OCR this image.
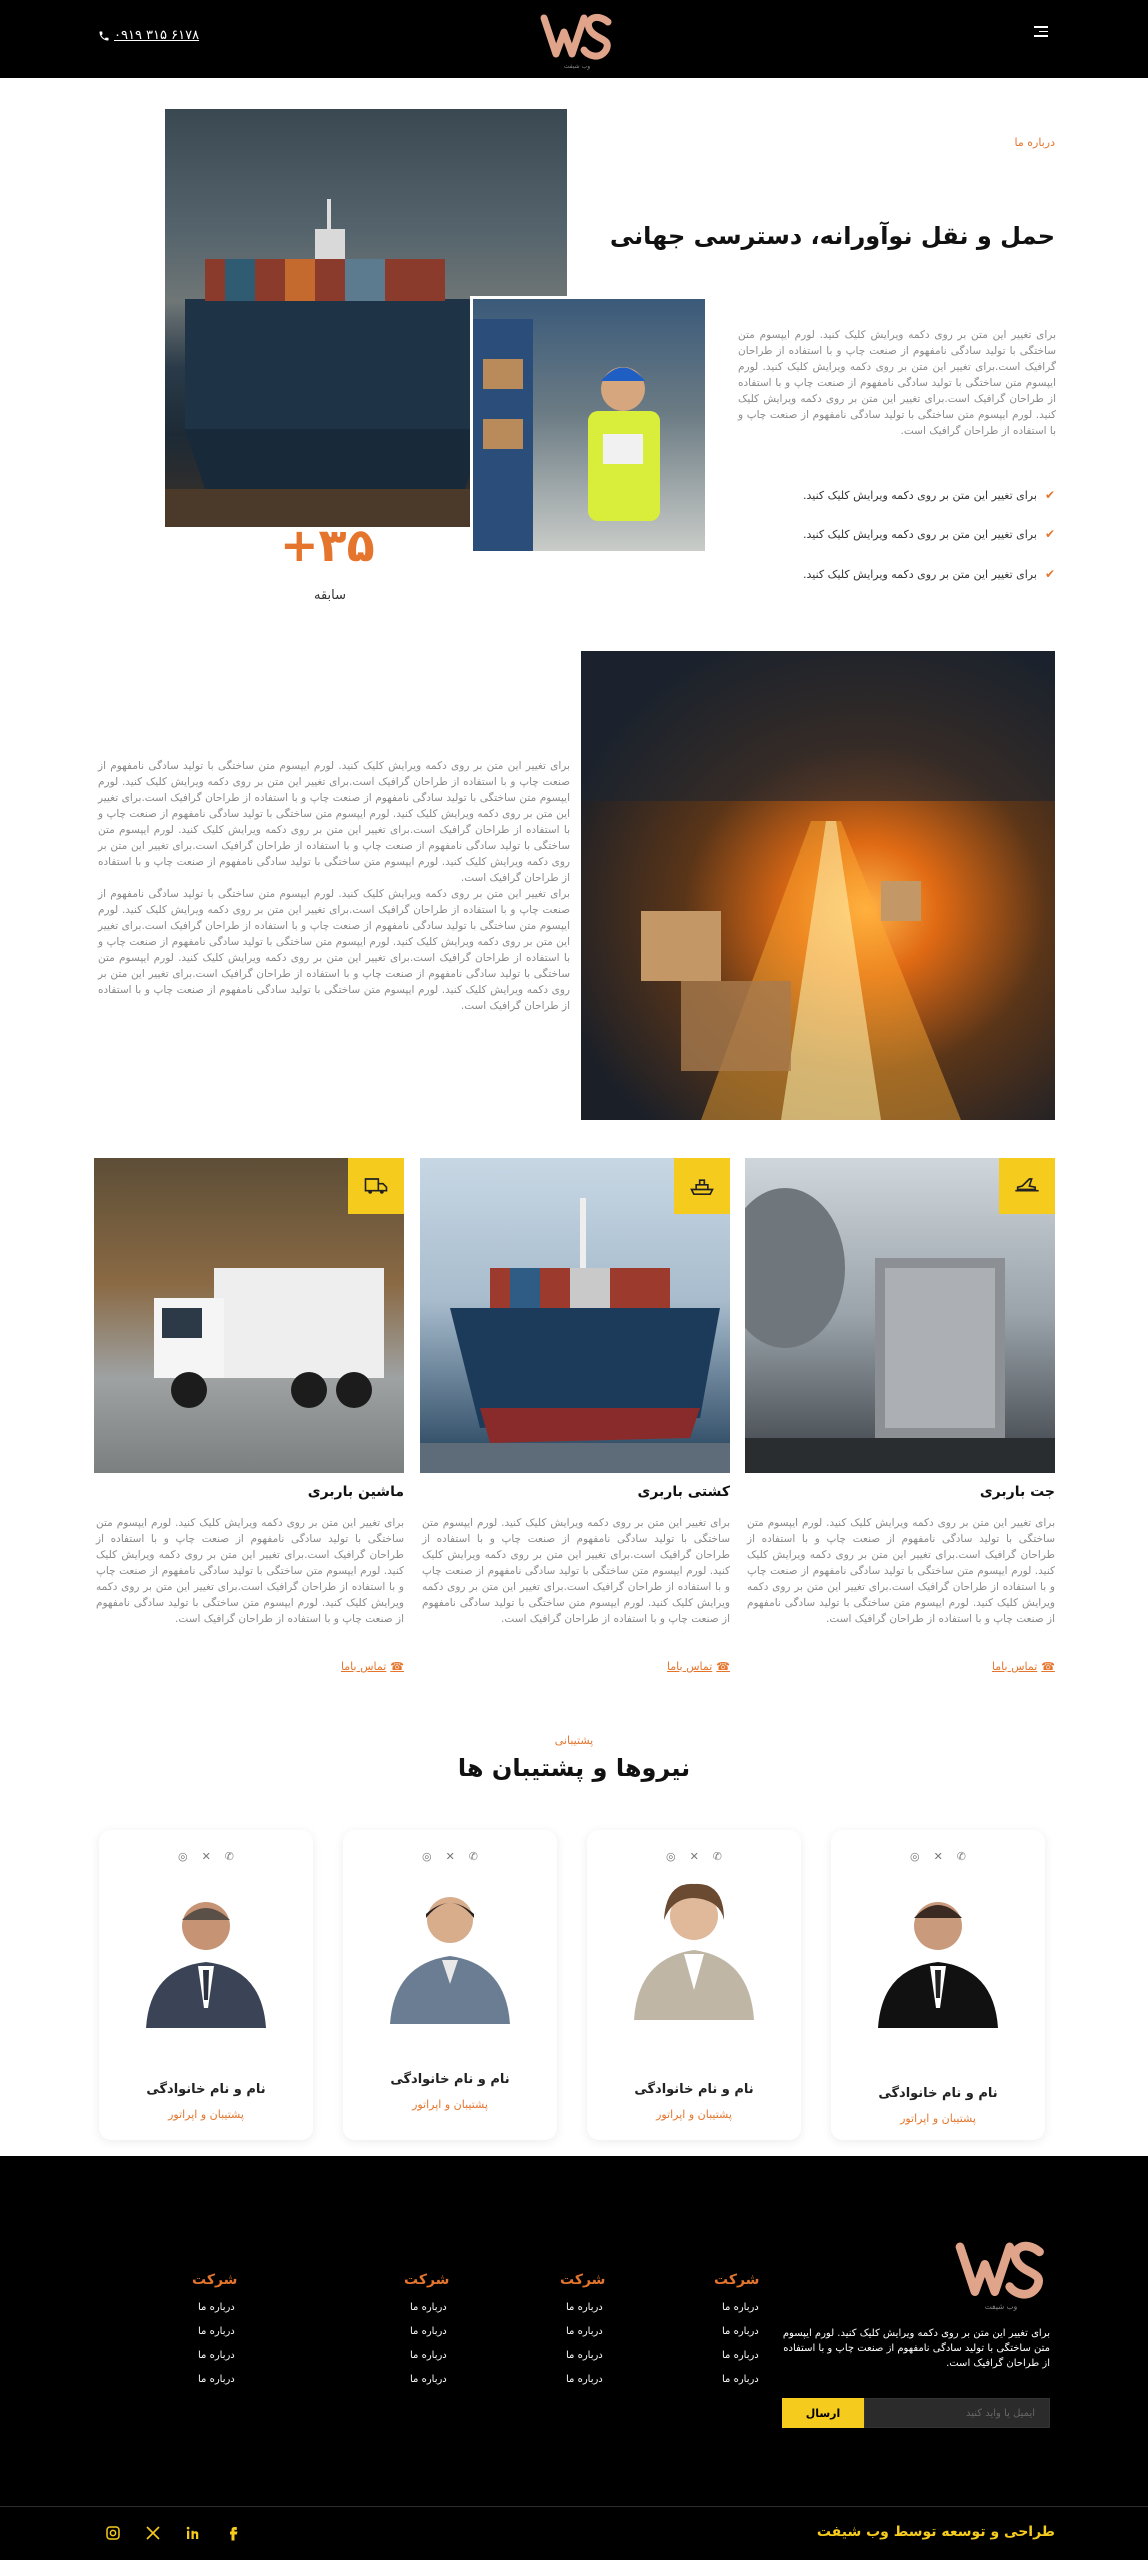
۰۹۱۹ ۳۱۵ ۶۱۷۸
وب شیفت
درباره ما
حمل و نقل نوآورانه، دسترسی جهانی
برای تغییر این متن بر روی دکمه ویرایش کلیک کنید. لورم ایپسوم متن ساختگی با تولید سادگی نامفهوم از صنعت چاپ و با استفاده از طراحان گرافیک است.برای تغییر این متن بر روی دکمه ویرایش کلیک کنید. لورم ایپسوم متن ساختگی با تولید سادگی نامفهوم از صنعت چاپ و با استفاده از طراحان گرافیک است.برای تغییر این متن بر روی دکمه ویرایش کلیک کنید. لورم ایپسوم متن ساختگی با تولید سادگی نامفهوم از صنعت چاپ و با استفاده از طراحان گرافیک است.
✔
برای تغییر این متن بر روی دکمه ویرایش کلیک کنید.
✔
برای تغییر این متن بر روی دکمه ویرایش کلیک کنید.
✔
برای تغییر این متن بر روی دکمه ویرایش کلیک کنید.
+۳۵
سابقه
برای تغییر این متن بر روی دکمه ویرایش کلیک کنید. لورم ایپسوم متن ساختگی با تولید سادگی نامفهوم از صنعت چاپ و با استفاده از طراحان گرافیک است.برای تغییر این متن بر روی دکمه ویرایش کلیک کنید. لورم ایپسوم متن ساختگی با تولید سادگی نامفهوم از صنعت چاپ و با استفاده از طراحان گرافیک است.برای تغییر این متن بر روی دکمه ویرایش کلیک کنید. لورم ایپسوم متن ساختگی با تولید سادگی نامفهوم از صنعت چاپ و با استفاده از طراحان گرافیک است.برای تغییر این متن بر روی دکمه ویرایش کلیک کنید. لورم ایپسوم متن ساختگی با تولید سادگی نامفهوم از صنعت چاپ و با استفاده از طراحان گرافیک است.برای تغییر این متن بر روی دکمه ویرایش کلیک کنید. لورم ایپسوم متن ساختگی با تولید سادگی نامفهوم از صنعت چاپ و با استفاده از طراحان گرافیک است.
برای تغییر این متن بر روی دکمه ویرایش کلیک کنید. لورم ایپسوم متن ساختگی با تولید سادگی نامفهوم از صنعت چاپ و با استفاده از طراحان گرافیک است.برای تغییر این متن بر روی دکمه ویرایش کلیک کنید. لورم ایپسوم متن ساختگی با تولید سادگی نامفهوم از صنعت چاپ و با استفاده از طراحان گرافیک است.برای تغییر این متن بر روی دکمه ویرایش کلیک کنید. لورم ایپسوم متن ساختگی با تولید سادگی نامفهوم از صنعت چاپ و با استفاده از طراحان گرافیک است.برای تغییر این متن بر روی دکمه ویرایش کلیک کنید. لورم ایپسوم متن ساختگی با تولید سادگی نامفهوم از صنعت چاپ و با استفاده از طراحان گرافیک است.برای تغییر این متن بر روی دکمه ویرایش کلیک کنید. لورم ایپسوم متن ساختگی با تولید سادگی نامفهوم از صنعت چاپ و با استفاده از طراحان گرافیک است.
جت باربری
برای تغییر این متن بر روی دکمه ویرایش کلیک کنید. لورم ایپسوم متن ساختگی با تولید سادگی نامفهوم از صنعت چاپ و با استفاده از طراحان گرافیک است.برای تغییر این متن بر روی دکمه ویرایش کلیک کنید. لورم ایپسوم متن ساختگی با تولید سادگی نامفهوم از صنعت چاپ و با استفاده از طراحان گرافیک است.برای تغییر این متن بر روی دکمه ویرایش کلیک کنید. لورم ایپسوم متن ساختگی با تولید سادگی نامفهوم از صنعت چاپ و با استفاده از طراحان گرافیک است.
☎
تماس باما
کشتی باربری
برای تغییر این متن بر روی دکمه ویرایش کلیک کنید. لورم ایپسوم متن ساختگی با تولید سادگی نامفهوم از صنعت چاپ و با استفاده از طراحان گرافیک است.برای تغییر این متن بر روی دکمه ویرایش کلیک کنید. لورم ایپسوم متن ساختگی با تولید سادگی نامفهوم از صنعت چاپ و با استفاده از طراحان گرافیک است.برای تغییر این متن بر روی دکمه ویرایش کلیک کنید. لورم ایپسوم متن ساختگی با تولید سادگی نامفهوم از صنعت چاپ و با استفاده از طراحان گرافیک است.
☎
تماس باما
ماشین باربری
برای تغییر این متن بر روی دکمه ویرایش کلیک کنید. لورم ایپسوم متن ساختگی با تولید سادگی نامفهوم از صنعت چاپ و با استفاده از طراحان گرافیک است.برای تغییر این متن بر روی دکمه ویرایش کلیک کنید. لورم ایپسوم متن ساختگی با تولید سادگی نامفهوم از صنعت چاپ و با استفاده از طراحان گرافیک است.برای تغییر این متن بر روی دکمه ویرایش کلیک کنید. لورم ایپسوم متن ساختگی با تولید سادگی نامفهوم از صنعت چاپ و با استفاده از طراحان گرافیک است.
☎
تماس باما
پشتیبانی
نیروها و پشتیبان ها
◎ ✕ ✆
نام و نام خانوادگی
پشتیبان و اپراتور
◎ ✕ ✆
نام و نام خانوادگی
پشتیبان و اپراتور
◎ ✕ ✆
نام و نام خانوادگی
پشتیبان و اپراتور
◎ ✕ ✆
نام و نام خانوادگی
پشتیبان و اپراتور
وب شیفت
شرکت
درباره ما
درباره ما
درباره ما
درباره ما
شرکت
درباره ما
درباره ما
درباره ما
درباره ما
شرکت
درباره ما
درباره ما
درباره ما
درباره ما
شرکت
درباره ما
درباره ما
درباره ما
درباره ما
برای تغییر این متن بر روی دکمه ویرایش کلیک کنید. لورم ایپسوم متن ساختگی با تولید سادگی نامفهوم از صنعت چاپ و با استفاده از طراحان گرافیک است.
ایمیل یا واید کنید
ارسال
طراحی و توسعه توسط وب شیفت
